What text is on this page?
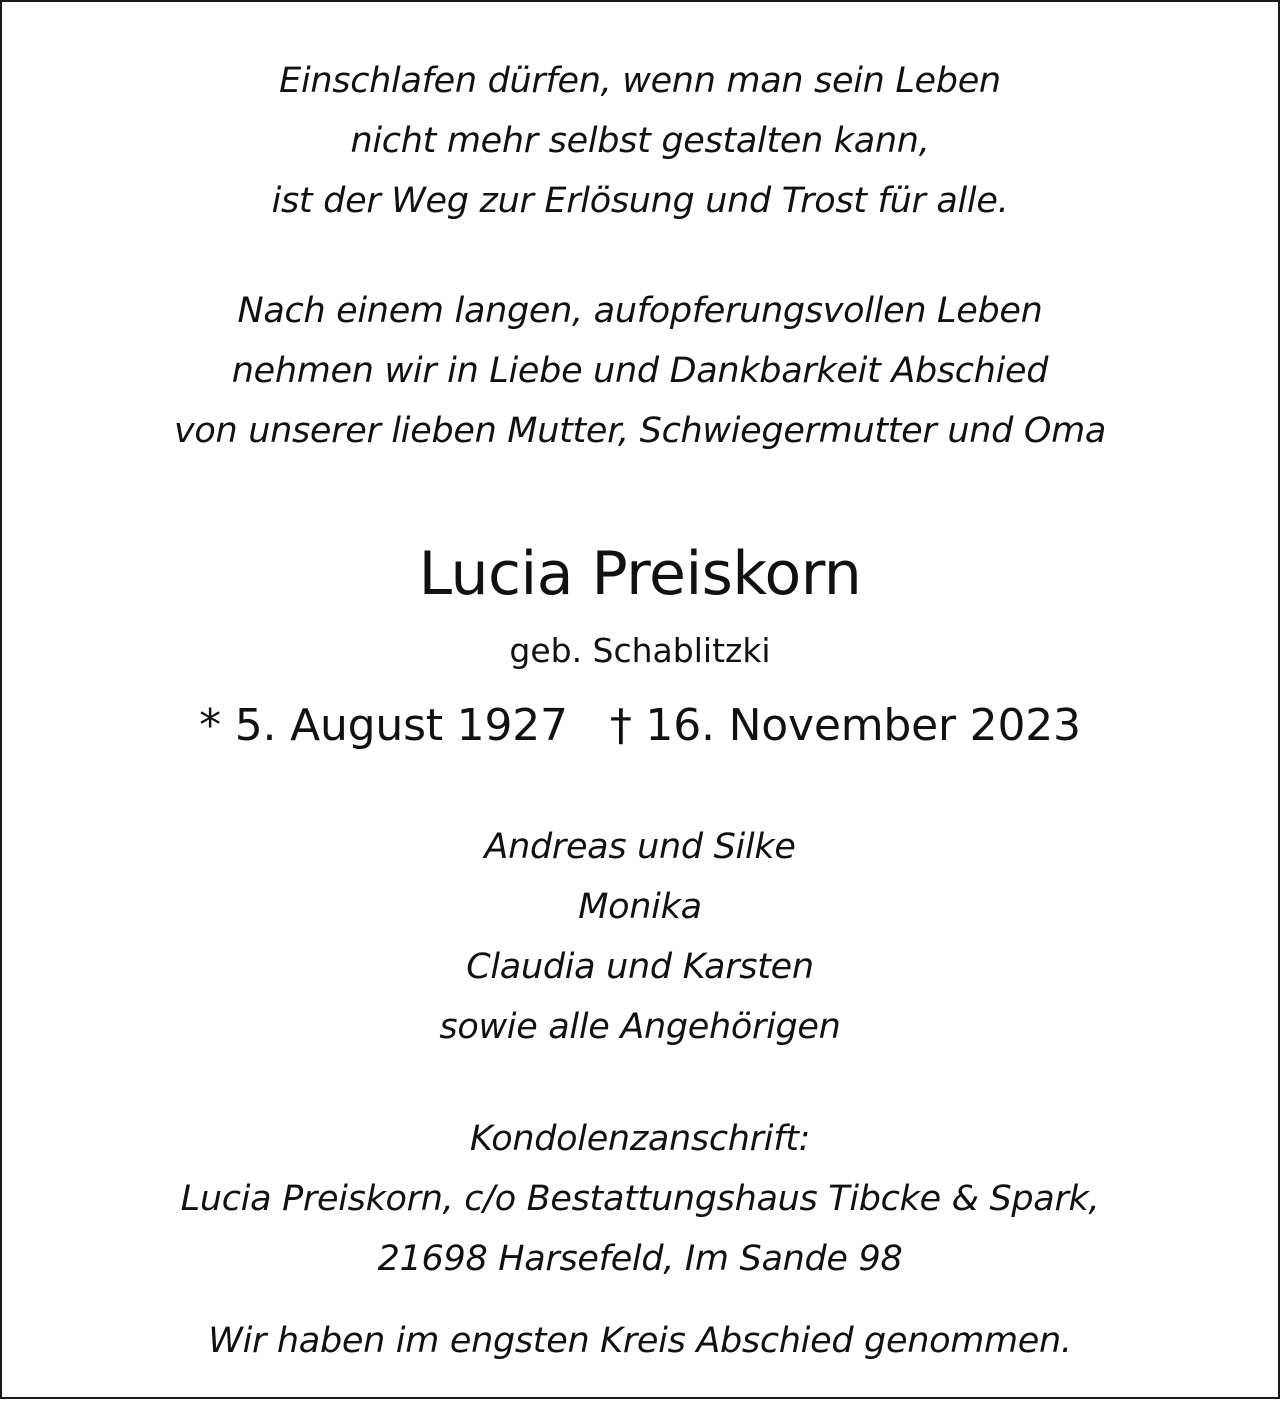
Einschlafen dürfen, wenn man sein Leben
nicht mehr selbst gestalten kann,
ist der Weg zur Erlösung und Trost für alle.
Nach einem langen, aufopferungsvollen Leben
nehmen wir in Liebe und Dankbarkeit Abschied
von unserer lieben Mutter, Schwiegermutter und Oma
Lucia Preiskorn
geb. Schablitzki
* 5. August 1927 † 16. November 2023
Andreas und Silke
Monika
Claudia und Karsten
sowie alle Angehörigen
Kondolenzanschrift:
Lucia Preiskorn, c/o Bestattungshaus Tibcke & Spark,
21698 Harsefeld, Im Sande 98
Wir haben im engsten Kreis Abschied genommen.
